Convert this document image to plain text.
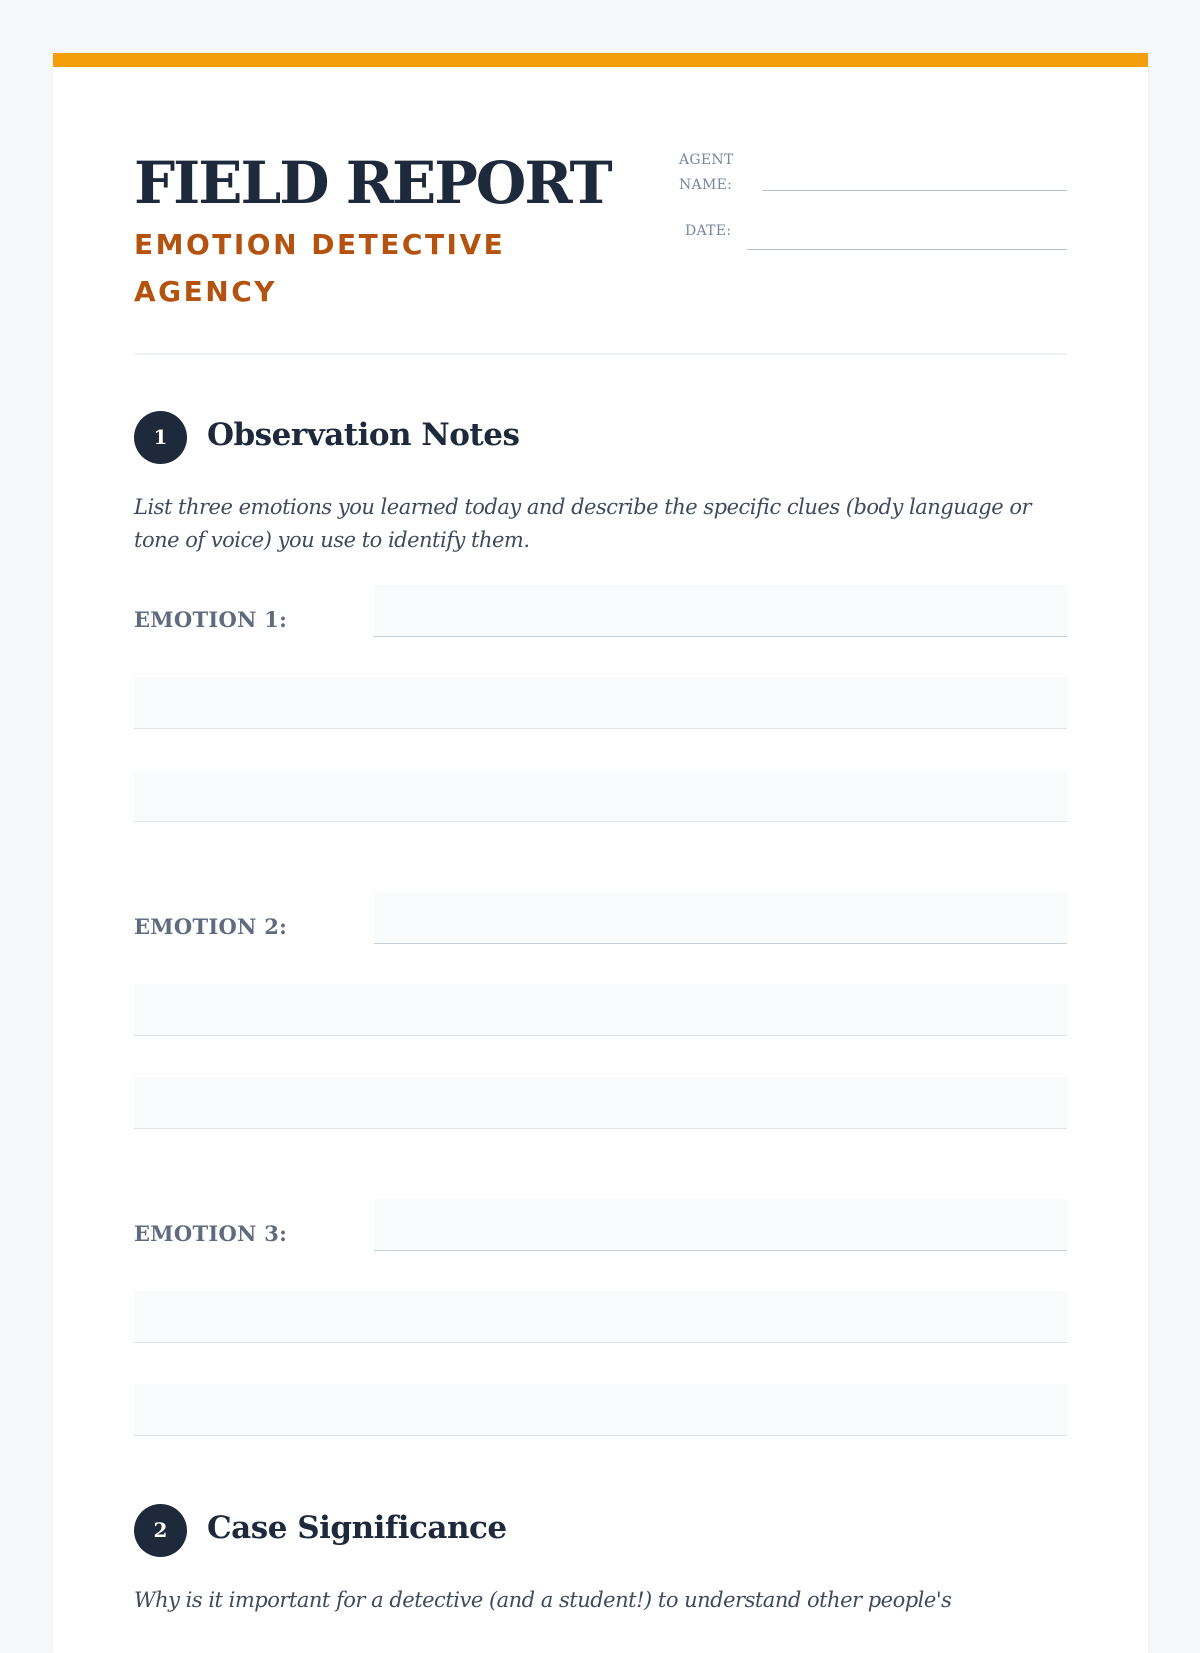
FIELD REPORT

EMOTION DETECTIVE AGENCY

AGENT NAME:
DATE:
1	Observation Notes

List three emotions you learned today and describe the specific clues (body language or tone of voice) you use to identify them.

EMOTION 1:
EMOTION 2:
EMOTION 3:
2	Case Significance

Why is it important for a detective (and a student!) to understand other people's
